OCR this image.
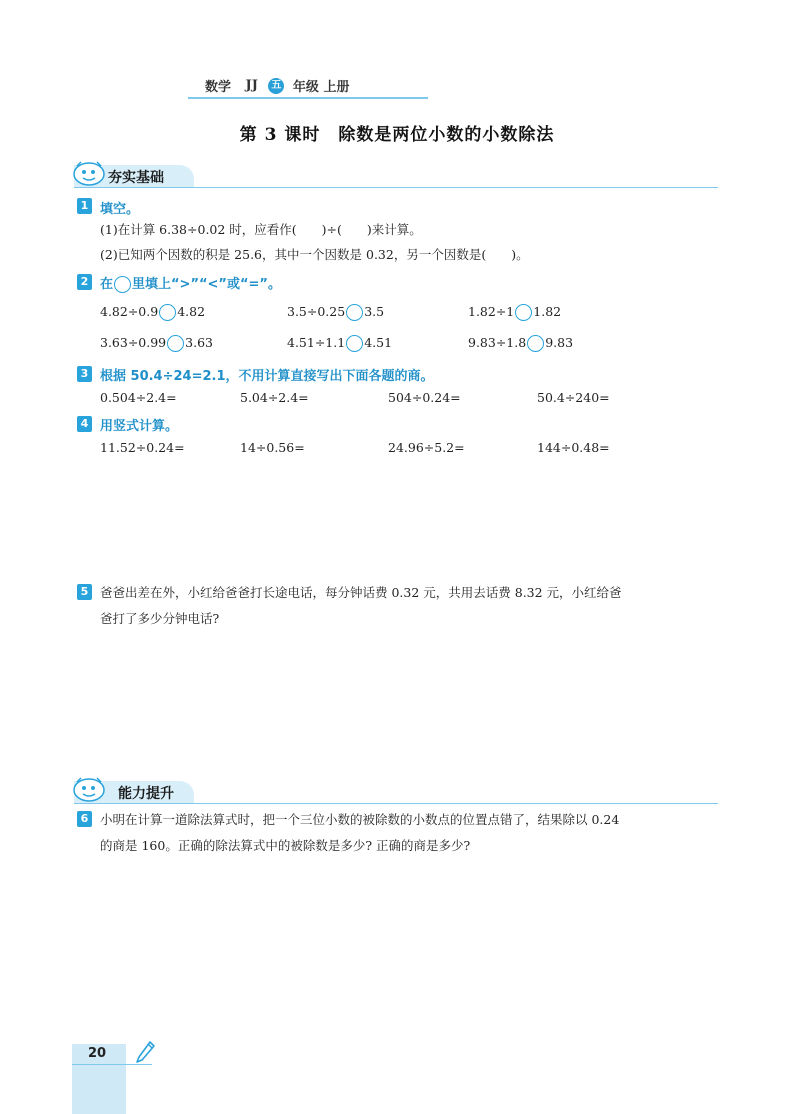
数学 JJ 五 年级 上册
第 3 课时　除数是两位小数的小数除法
夯实基础
1 填空。
(1)在计算 6.38÷0.02 时，应看作(　　)÷(　　)来计算。
(2)已知两个因数的积是 25.6，其中一个因数是 0.32，另一个因数是(　　)。
2 在 里填上“>”“<”或“=”。
4.82÷0.9 4.82	3.5÷0.25 3.5	1.82÷1 1.82
3.63÷0.99 3.63	4.51÷1.1 4.51	9.83÷1.8 9.83
3 根据 50.4÷24=2.1，不用计算直接写出下面各题的商。
0.504÷2.4=	5.04÷2.4=	504÷0.24=	50.4÷240=
4 用竖式计算。
11.52÷0.24=	14÷0.56=	24.96÷5.2=	144÷0.48=
5 爸爸出差在外，小红给爸爸打长途电话，每分钟话费 0.32 元，共用去话费 8.32 元，小红给爸
爸打了多少分钟电话?
能力提升
6 小明在计算一道除法算式时，把一个三位小数的被除数的小数点的位置点错了，结果除以 0.24
的商是 160。正确的除法算式中的被除数是多少? 正确的商是多少?
20
